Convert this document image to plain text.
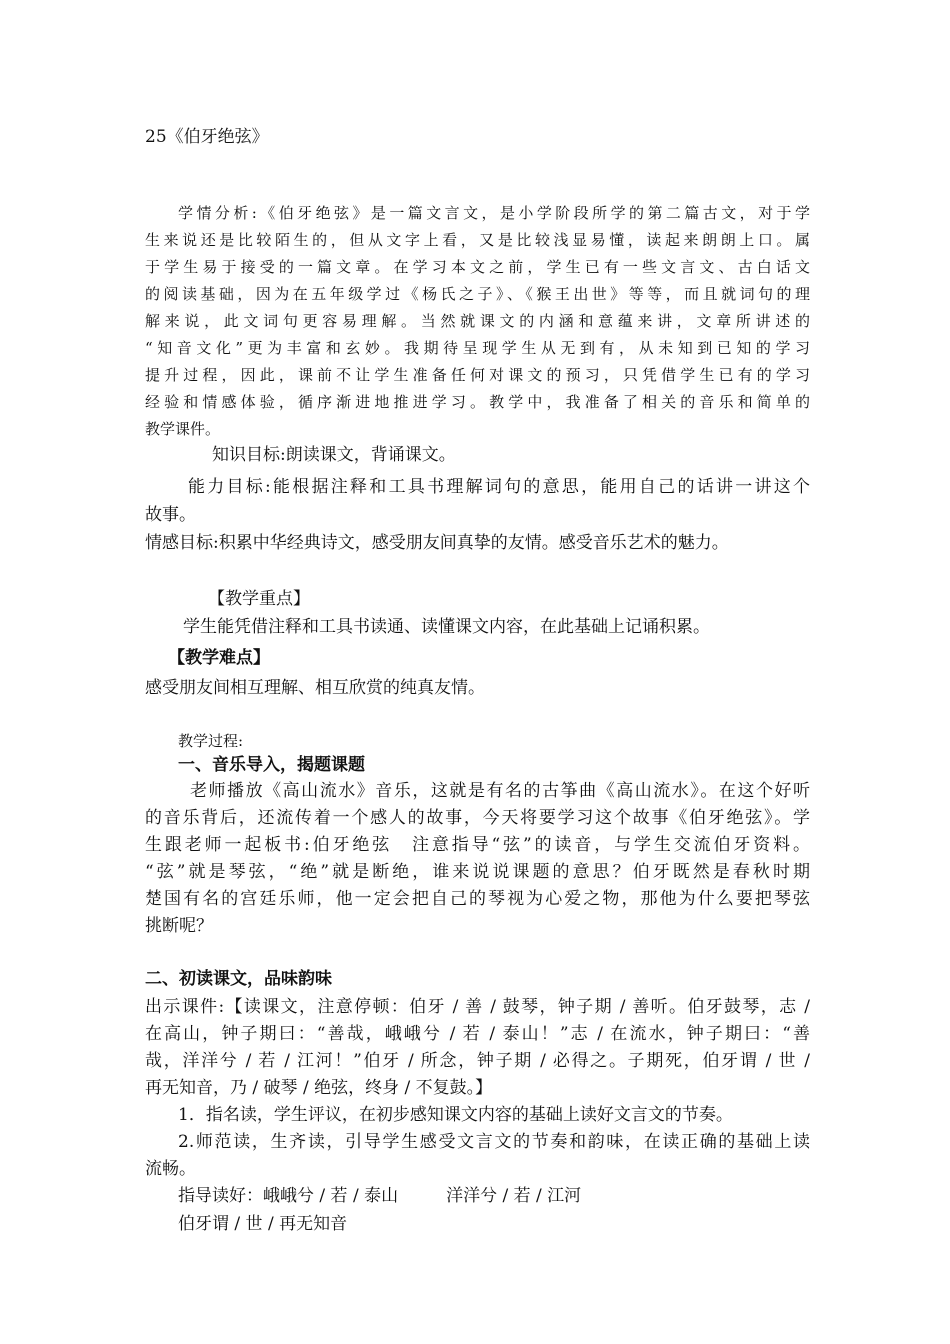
25《伯牙绝弦》
学情分析:《伯牙绝弦》是一篇文言文，是小学阶段所学的第二篇古文，对于学
生来说还是比较陌生的，但从文字上看，又是比较浅显易懂，读起来朗朗上口。属
于学生易于接受的一篇文章。在学习本文之前，学生已有一些文言文、古白话文
的阅读基础，因为在五年级学过《杨氏之子》、《猴王出世》等等，而且就词句的理
解来说，此文词句更容易理解。当然就课文的内涵和意蕴来讲，文章所讲述的
“知音文化”更为丰富和玄妙。我期待呈现学生从无到有，从未知到已知的学习
提升过程，因此，课前不让学生准备任何对课文的预习，只凭借学生已有的学习
经验和情感体验，循序渐进地推进学习。教学中，我准备了相关的音乐和简单的
教学课件。
知识目标:朗读课文，背诵课文。
能力目标:能根据注释和工具书理解词句的意思，能用自己的话讲一讲这个
故事。
情感目标:积累中华经典诗文，感受朋友间真挚的友情。感受音乐艺术的魅力。
【教学重点】
学生能凭借注释和工具书读通、读懂课文内容，在此基础上记诵积累。
【教学难点】
感受朋友间相互理解、相互欣赏的纯真友情。
教学过程:
一、音乐导入，揭题课题
老师播放《高山流水》音乐，这就是有名的古筝曲《高山流水》。在这个好听
的音乐背后，还流传着一个感人的故事，今天将要学习这个故事《伯牙绝弦》。学
生跟老师一起板书:伯牙绝弦　注意指导“弦”的读音，与学生交流伯牙资料。
“弦”就是琴弦，“绝”就是断绝，谁来说说课题的意思？伯牙既然是春秋时期
楚国有名的宫廷乐师，他一定会把自己的琴视为心爱之物，那他为什么要把琴弦
挑断呢？
二、初读课文，品味韵味
出示课件:【读课文，注意停顿：伯牙 / 善 / 鼓琴，钟子期 / 善听。伯牙鼓琴，志 /
在高山，钟子期曰：“善哉，峨峨兮 / 若 / 泰山！”志 / 在流水，钟子期曰：“善
哉，洋洋兮 / 若 / 江河！”伯牙 / 所念，钟子期 / 必得之。子期死，伯牙谓 / 世 /
再无知音，乃 / 破琴 / 绝弦，终身 / 不复鼓。】
1．指名读，学生评议，在初步感知课文内容的基础上读好文言文的节奏。
2.师范读，生齐读，引导学生感受文言文的节奏和韵味，在读正确的基础上读
流畅。
指导读好：峨峨兮 / 若 / 泰山	洋洋兮 / 若 / 江河
伯牙谓 / 世 / 再无知音
